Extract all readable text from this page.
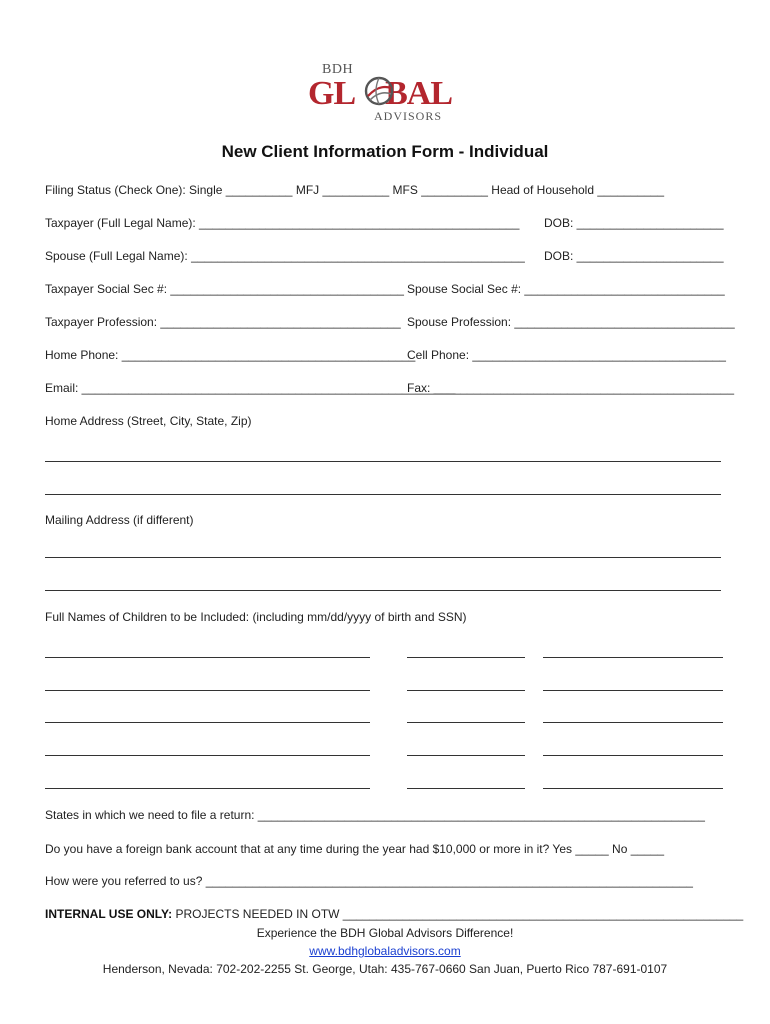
BDH
GL BAL
ADVISORS
New Client Information Form - Individual
Filing Status (Check One): Single __________ MFJ __________ MFS __________ Head of Household __________
Taxpayer (Full Legal Name): ________________________________________________ DOB: ______________________
Spouse (Full Legal Name): __________________________________________________ DOB: ______________________
Taxpayer Social Sec #: ___________________________________ Spouse Social Sec #: ______________________________
Taxpayer Profession: ____________________________________ Spouse Profession: _________________________________
Home Phone: ____________________________________________
Cell Phone: ______________________________________
Email: ________________________________________________________
Fax: _____________________________________________
Home Address (Street, City, State, Zip)
Mailing Address (if different)
Full Names of Children to be Included: (including mm/dd/yyyy of birth and SSN)
States in which we need to file a return: ___________________________________________________________________
Do you have a foreign bank account that at any time during the year had $10,000 or more in it? Yes _____ No _____
How were you referred to us? _________________________________________________________________________
INTERNAL USE ONLY: PROJECTS NEEDED IN OTW ____________________________________________________________
Experience the BDH Global Advisors Difference!
www.bdhglobaladvisors.com
Henderson, Nevada: 702-202-2255 St. George, Utah: 435-767-0660 San Juan, Puerto Rico 787-691-0107
